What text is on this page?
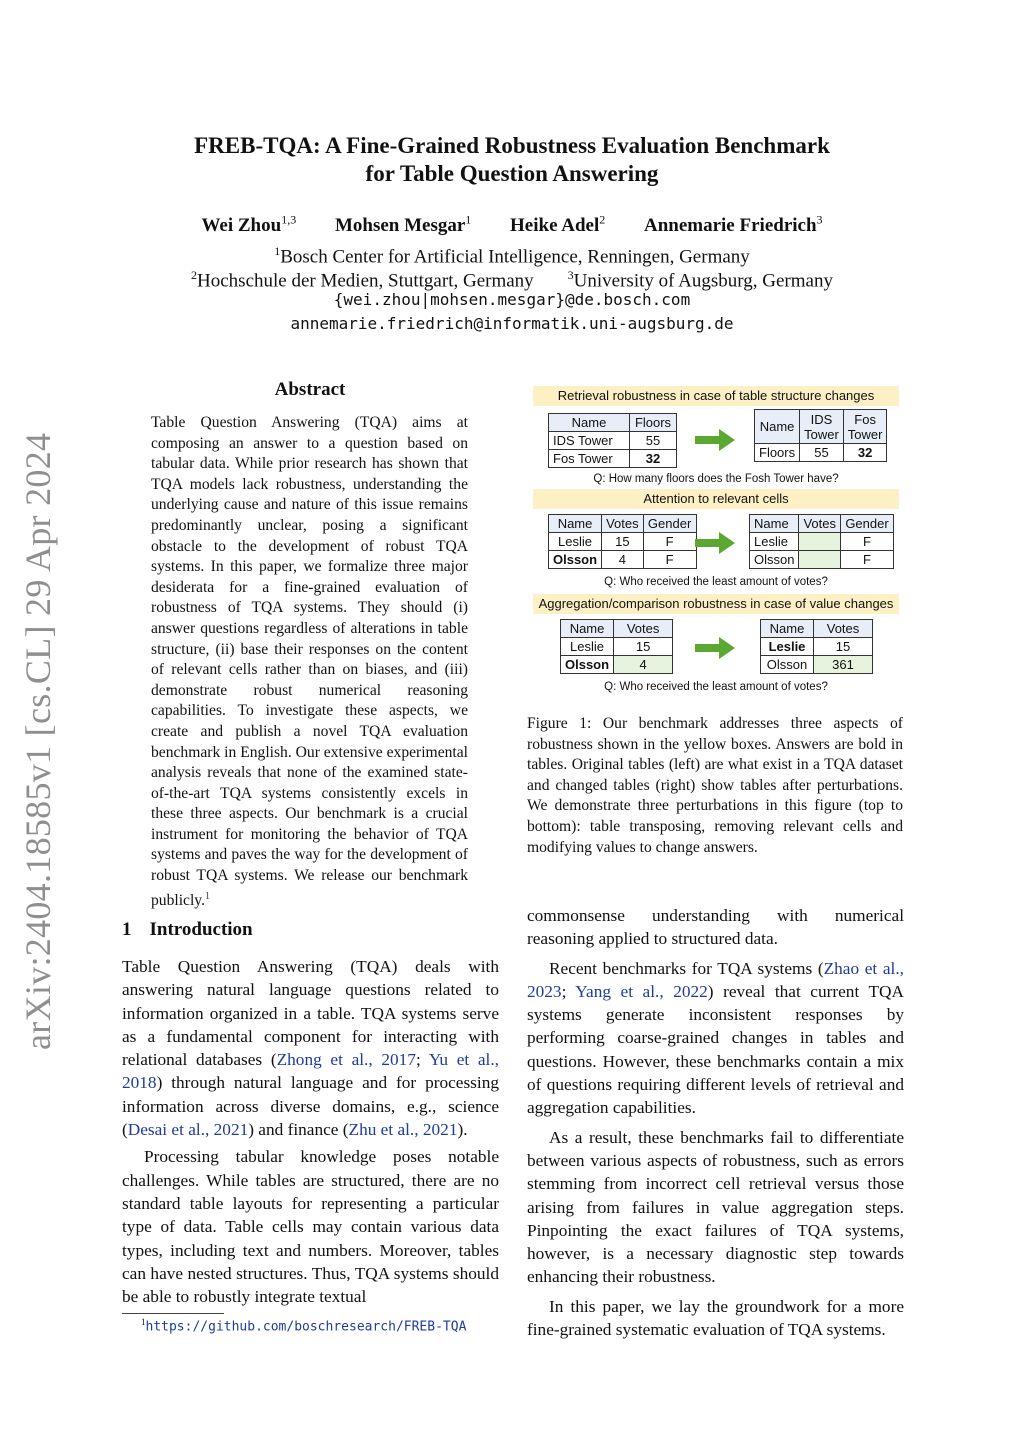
arXiv:2404.18585v1 [cs.CL] 29 Apr 2024
FREB-TQA: A Fine-Grained Robustness Evaluation Benchmark
for Table Question Answering
Wei Zhou$^{1,3}$ Mohsen Mesgar$^1$ Heike Adel$^2$ Annemarie Friedrich$^3$
$^1$Bosch Center for Artificial Intelligence, Renningen, Germany
$^2$Hochschule der Medien, Stuttgart, Germany	$^3$University of Augsburg, Germany
{wei.zhou|mohsen.mesgar}@de.bosch.com
annemarie.friedrich@informatik.uni-augsburg.de
Abstract
Table Question Answering (TQA) aims at composing an answer to a question based on tabular data. While prior research has shown that TQA models lack robustness, understanding the underlying cause and nature of this issue remains predominantly unclear, posing a significant obstacle to the development of robust TQA systems. In this paper, we formalize three major desiderata for a fine-grained evaluation of robustness of TQA systems. They should (i) answer questions regardless of alterations in table structure, (ii) base their responses on the content of relevant cells rather than on biases, and (iii) demonstrate robust numerical reasoning capabilities. To investigate these aspects, we create and publish a novel TQA evaluation benchmark in English. Our extensive experimental analysis reveals that none of the examined state-of-the-art TQA systems consistently excels in these three aspects. Our benchmark is a crucial instrument for monitoring the behavior of TQA systems and paves the way for the development of robust TQA systems. We release our benchmark publicly.$^1$
1 Introduction

Table Question Answering (TQA) deals with answering natural language questions related to information organized in a table. TQA systems serve as a fundamental component for interacting with relational databases (Zhong et al., 2017; Yu et al., 2018) through natural language and for processing information across diverse domains, e.g., science (Desai et al., 2021) and finance (Zhu et al., 2021).

Processing tabular knowledge poses notable challenges. While tables are structured, there are no standard table layouts for representing a particular type of data. Table cells may contain various data types, including text and numbers. Moreover, tables can have nested structures. Thus, TQA systems should be able to robustly integrate textual

$^1$https://github.com/boschresearch/FREB-TQA

commonsense understanding with numerical reasoning applied to structured data.

Recent benchmarks for TQA systems (Zhao et al., 2023; Yang et al., 2022) reveal that current TQA systems generate inconsistent responses by performing coarse-grained changes in tables and questions. However, these benchmarks contain a mix of questions requiring different levels of retrieval and aggregation capabilities.

As a result, these benchmarks fail to differentiate between various aspects of robustness, such as errors stemming from incorrect cell retrieval versus those arising from failures in value aggregation steps. Pinpointing the exact failures of TQA systems, however, is a necessary diagnostic step towards enhancing their robustness.

In this paper, we lay the groundwork for a more fine-grained systematic evaluation of TQA systems.

Retrieval robustness in case of table structure changes
Name	Floors
IDS Tower	55
Fos Tower	32
Name	IDS Tower	Fos Tower
Floors	55	32
Q: How many floors does the Fosh Tower have?
Attention to relevant cells
Name	Votes	Gender
Leslie	15	F
Olsson	4	F
Name	Votes	Gender
Leslie		F
Olsson		F
Q: Who received the least amount of votes?
Aggregation/comparison robustness in case of value changes
Name	Votes
Leslie	15
Olsson	4
Name	Votes
Leslie	15
Olsson	361
Q: Who received the least amount of votes?
Figure 1: Our benchmark addresses three aspects of robustness shown in the yellow boxes. Answers are bold in tables. Original tables (left) are what exist in a TQA dataset and changed tables (right) show tables after perturbations. We demonstrate three perturbations in this figure (top to bottom): table transposing, removing relevant cells and modifying values to change answers.
